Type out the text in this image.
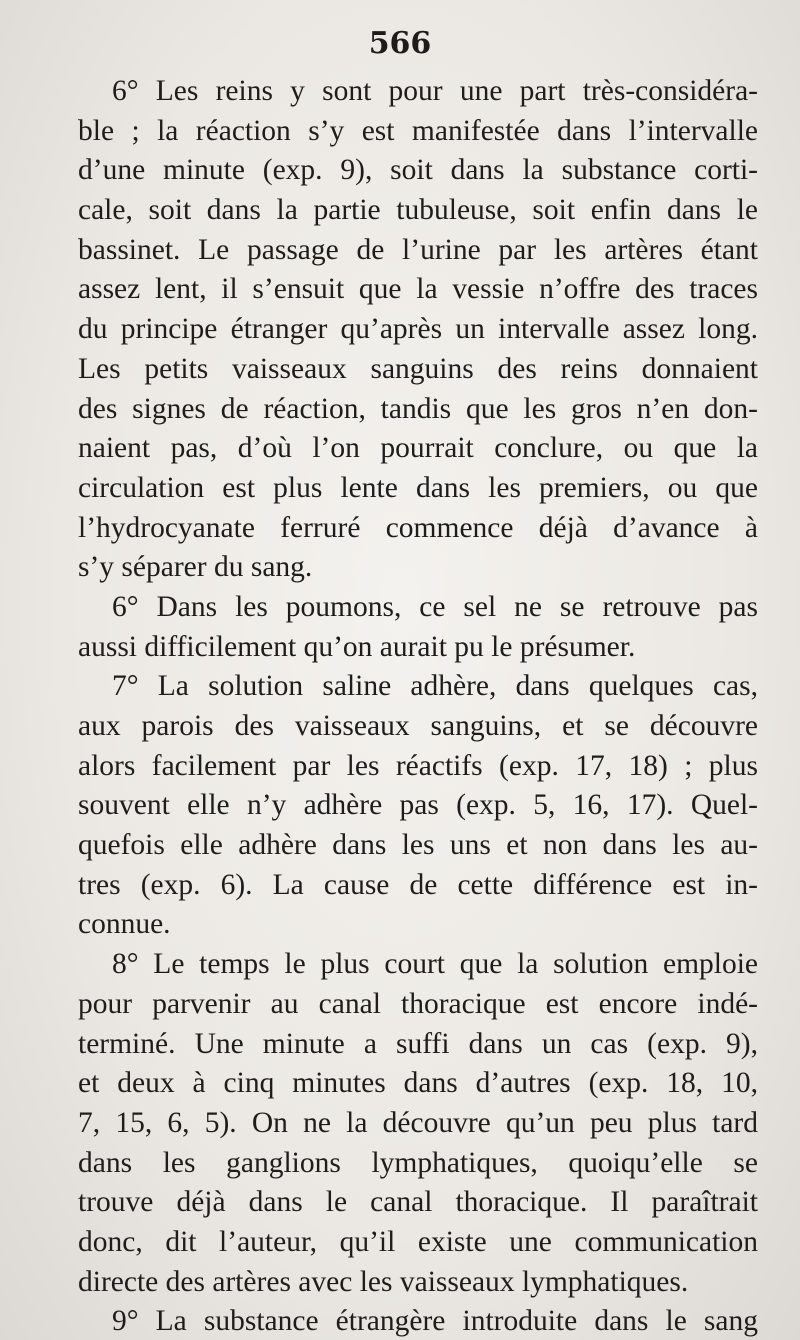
566
6° Les reins y sont pour une part très-considéra-
ble ; la réaction s’y est manifestée dans l’intervalle
d’une minute (exp. 9), soit dans la substance corti-
cale, soit dans la partie tubuleuse, soit enfin dans le
bassinet. Le passage de l’urine par les artères étant
assez lent, il s’ensuit que la vessie n’offre des traces
du principe étranger qu’après un intervalle assez long.
Les petits vaisseaux sanguins des reins donnaient
des signes de réaction, tandis que les gros n’en don-
naient pas, d’où l’on pourrait conclure, ou que la
circulation est plus lente dans les premiers, ou que
l’hydrocyanate ferruré commence déjà d’avance à
s’y séparer du sang.
6° Dans les poumons, ce sel ne se retrouve pas
aussi difficilement qu’on aurait pu le présumer.
7° La solution saline adhère, dans quelques cas,
aux parois des vaisseaux sanguins, et se découvre
alors facilement par les réactifs (exp. 17, 18) ; plus
souvent elle n’y adhère pas (exp. 5, 16, 17). Quel-
quefois elle adhère dans les uns et non dans les au-
tres (exp. 6). La cause de cette différence est in-
connue.
8° Le temps le plus court que la solution emploie
pour parvenir au canal thoracique est encore indé-
terminé. Une minute a suffi dans un cas (exp. 9),
et deux à cinq minutes dans d’autres (exp. 18, 10,
7, 15, 6, 5). On ne la découvre qu’un peu plus tard
dans les ganglions lymphatiques, quoiqu’elle se
trouve déjà dans le canal thoracique. Il paraîtrait
donc, dit l’auteur, qu’il existe une communication
directe des artères avec les vaisseaux lymphatiques.
9° La substance étrangère introduite dans le sang
